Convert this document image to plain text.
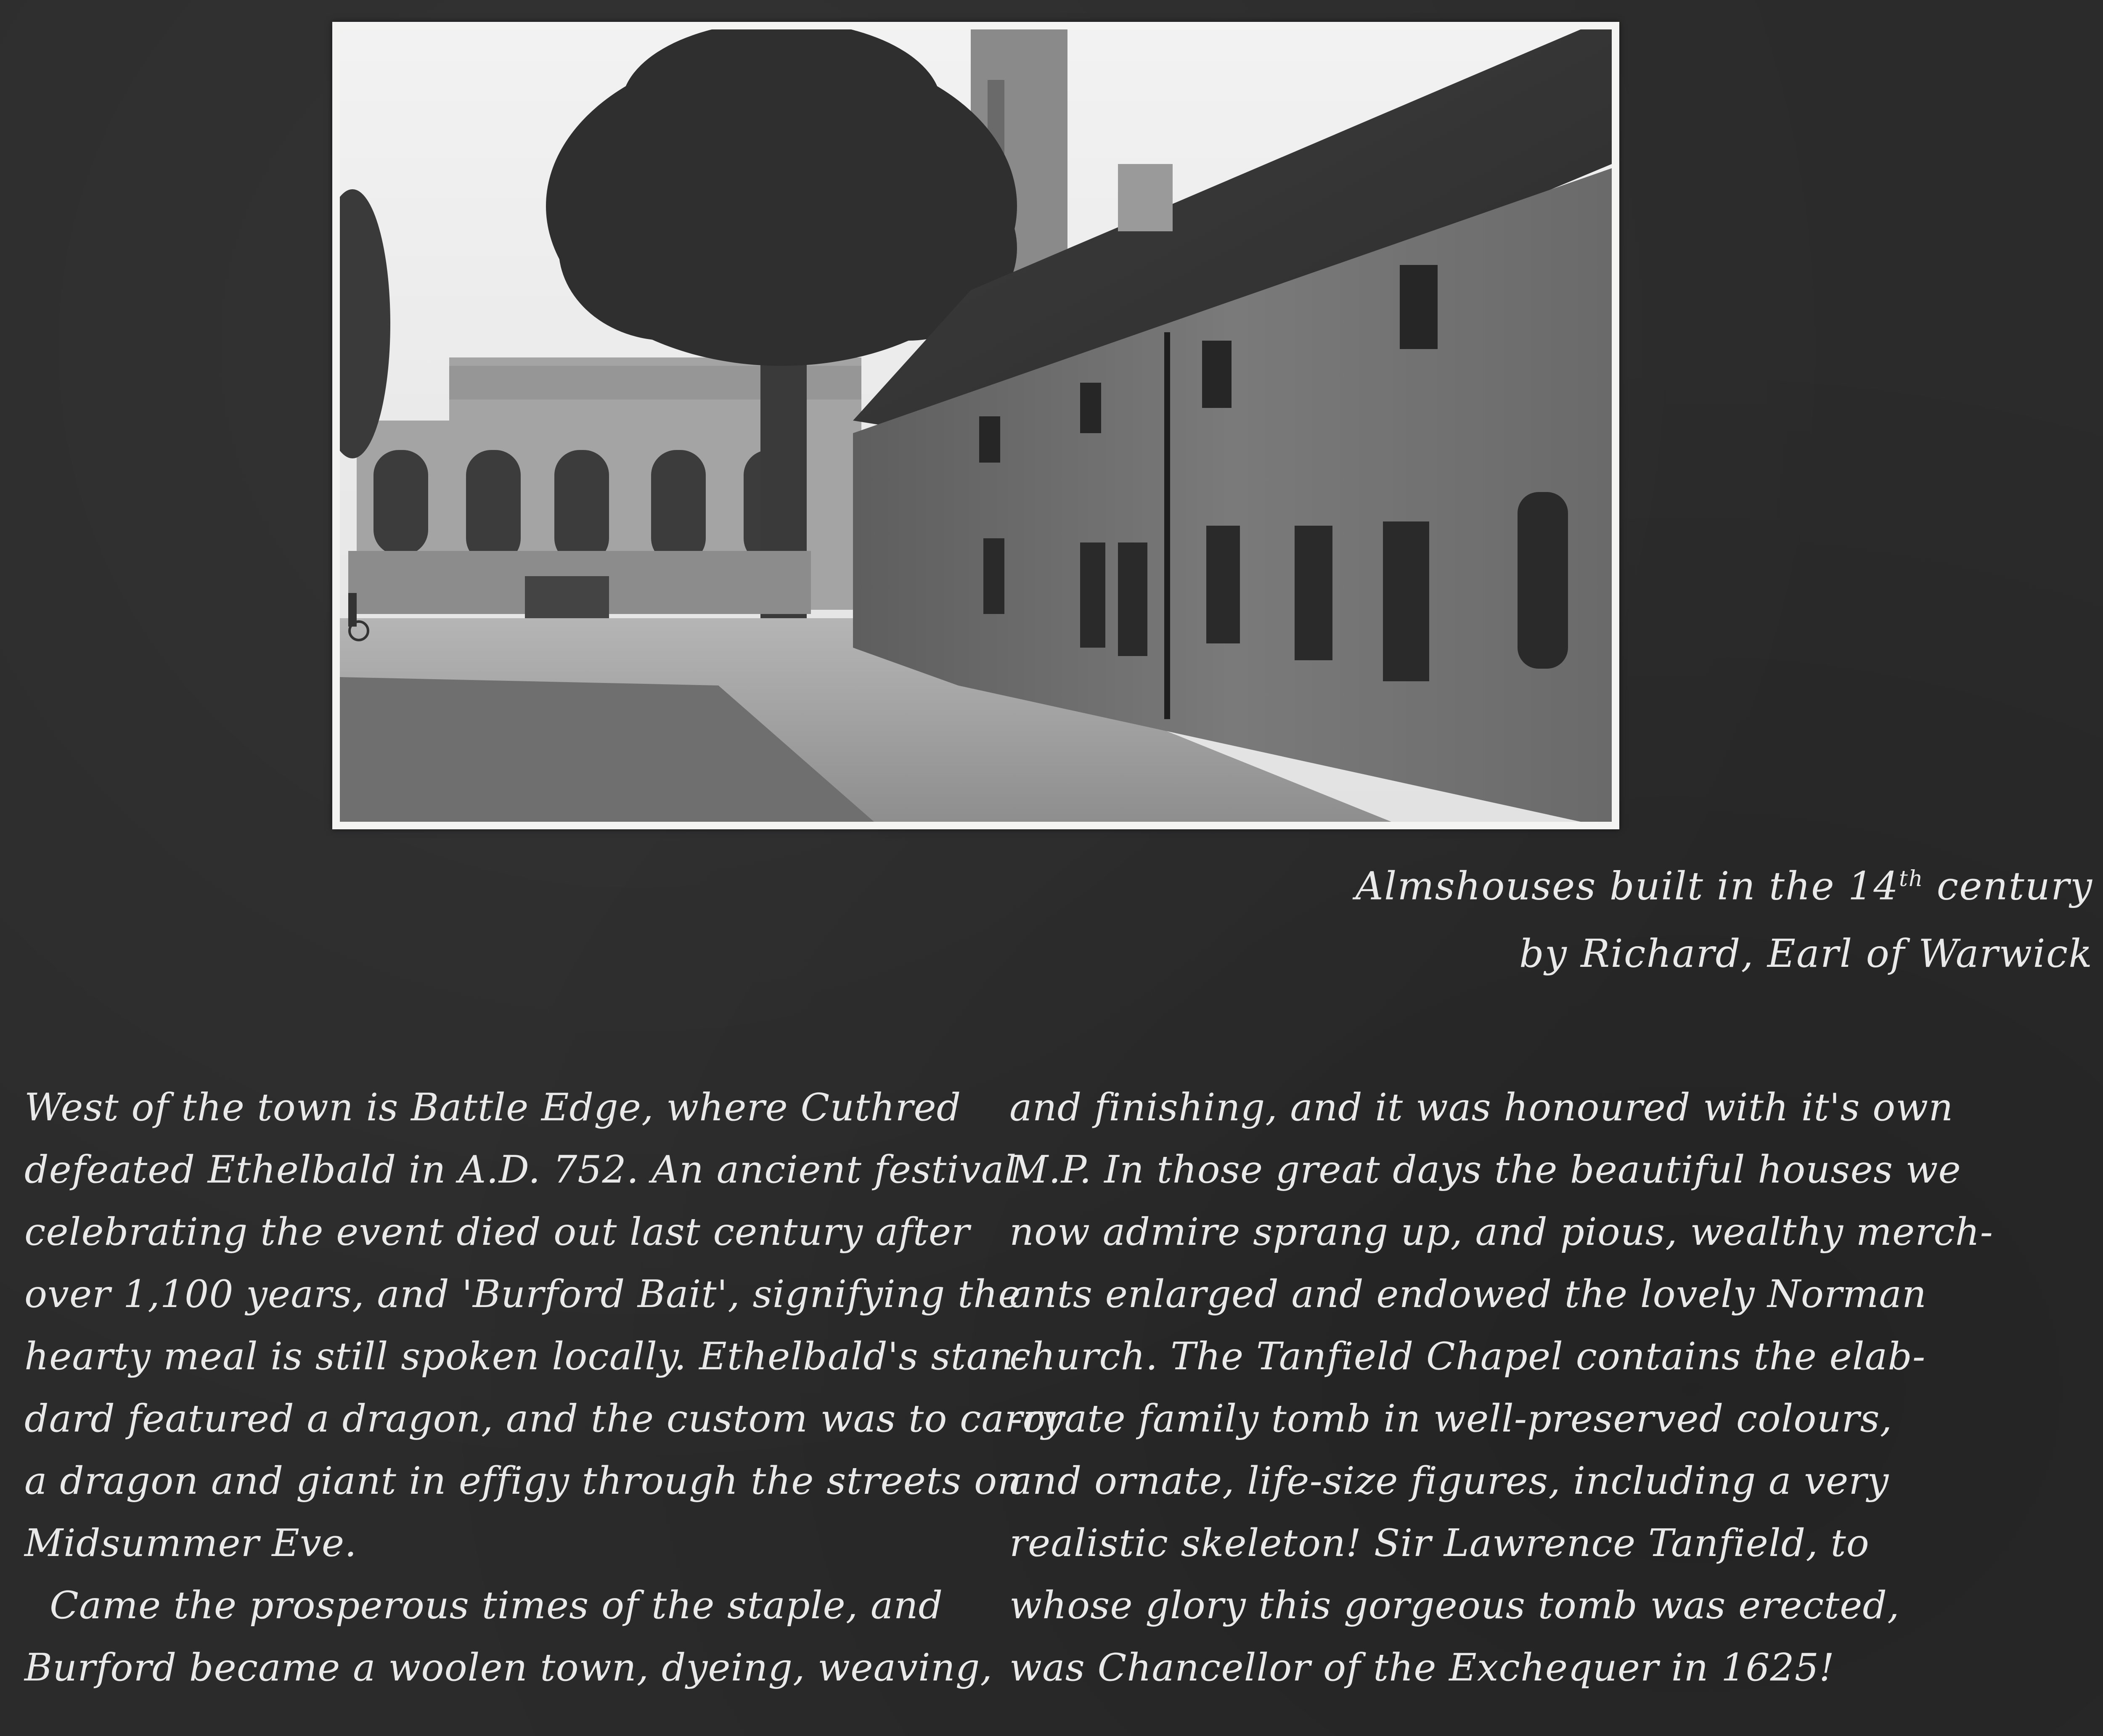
Almshouses built in the 14th century
by Richard, Earl of Warwick
West of the town is Battle Edge, where Cuthred
defeated Ethelbald in A.D. 752. An ancient festival
celebrating the event died out last century after
over 1,100 years, and 'Burford Bait', signifying the
hearty meal is still spoken locally. Ethelbald's stan-
dard featured a dragon, and the custom was to carry
a dragon and giant in effigy through the streets on
Midsummer Eve.
Came the prosperous times of the staple, and
Burford became a woolen town, dyeing, weaving,
and finishing, and it was honoured with it's own
M.P. In those great days the beautiful houses we
now admire sprang up, and pious, wealthy merch-
ants enlarged and endowed the lovely Norman
church. The Tanfield Chapel contains the elab-
-orate family tomb in well-preserved colours,
and ornate, life-size figures, including a very
realistic skeleton! Sir Lawrence Tanfield, to
whose glory this gorgeous tomb was erected,
was Chancellor of the Exchequer in 1625!
